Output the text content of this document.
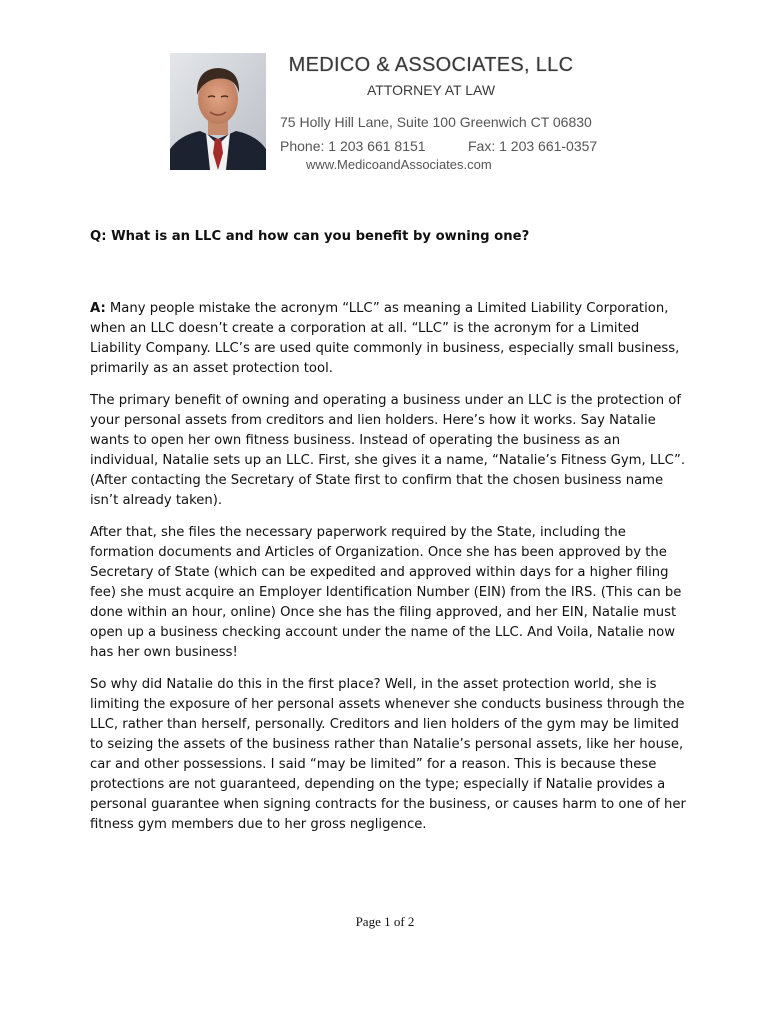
MEDICO & ASSOCIATES, LLC
ATTORNEY AT LAW
75 Holly Hill Lane, Suite 100 Greenwich CT 06830
Phone: 1 203 661 8151	Fax: 1 203 661-0357
www.MedicoandAssociates.com

Q: What is an LLC and how can you benefit by owning one?

A: Many people mistake the acronym “LLC” as meaning a Limited Liability Corporation, when an LLC doesn’t create a corporation at all. “LLC” is the acronym for a Limited Liability Company. LLC’s are used quite commonly in business, especially small business, primarily as an asset protection tool.

The primary benefit of owning and operating a business under an LLC is the protection of your personal assets from creditors and lien holders. Here’s how it works. Say Natalie wants to open her own fitness business. Instead of operating the business as an individual, Natalie sets up an LLC. First, she gives it a name, “Natalie’s Fitness Gym, LLC”. (After contacting the Secretary of State first to confirm that the chosen business name isn’t already taken).

After that, she files the necessary paperwork required by the State, including the formation documents and Articles of Organization. Once she has been approved by the Secretary of State (which can be expedited and approved within days for a higher filing fee) she must acquire an Employer Identification Number (EIN) from the IRS. (This can be done within an hour, online) Once she has the filing approved, and her EIN, Natalie must open up a business checking account under the name of the LLC. And Voila, Natalie now has her own business!

So why did Natalie do this in the first place? Well, in the asset protection world, she is limiting the exposure of her personal assets whenever she conducts business through the LLC, rather than herself, personally. Creditors and lien holders of the gym may be limited to seizing the assets of the business rather than Natalie’s personal assets, like her house, car and other possessions. I said “may be limited” for a reason. This is because these protections are not guaranteed, depending on the type; especially if Natalie provides a personal guarantee when signing contracts for the business, or causes harm to one of her fitness gym members due to her gross negligence.

Page 1 of 2
